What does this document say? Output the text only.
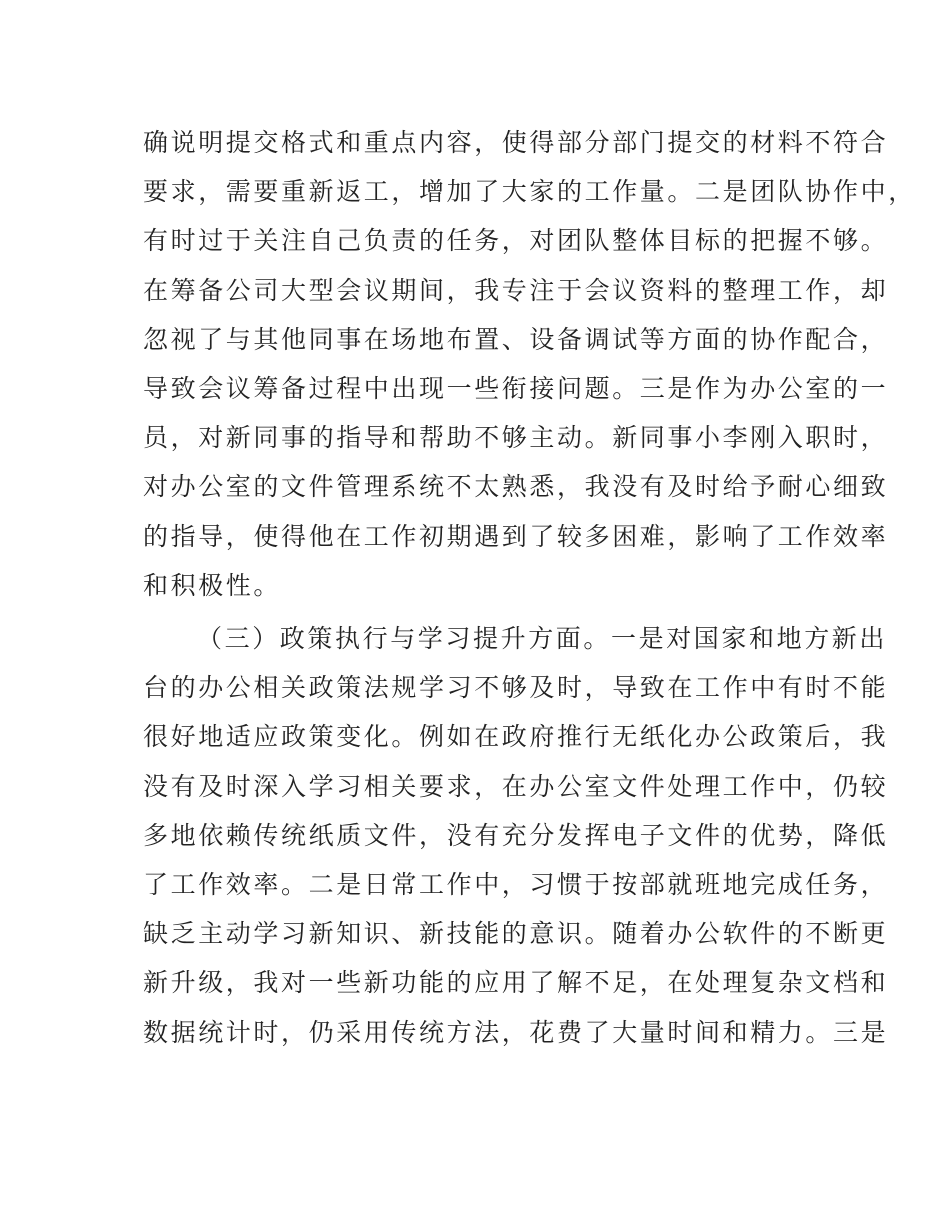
确说明提交格式和重点内容，使得部分部门提交的材料不符合
要求，需要重新返工，增加了大家的工作量。二是团队协作中，
有时过于关注自己负责的任务，对团队整体目标的把握不够。
在筹备公司大型会议期间，我专注于会议资料的整理工作，却
忽视了与其他同事在场地布置、设备调试等方面的协作配合，
导致会议筹备过程中出现一些衔接问题。三是作为办公室的一
员，对新同事的指导和帮助不够主动。新同事小李刚入职时，
对办公室的文件管理系统不太熟悉，我没有及时给予耐心细致
的指导，使得他在工作初期遇到了较多困难，影响了工作效率
和积极性。
（三）政策执行与学习提升方面。一是对国家和地方新出
台的办公相关政策法规学习不够及时，导致在工作中有时不能
很好地适应政策变化。例如在政府推行无纸化办公政策后，我
没有及时深入学习相关要求，在办公室文件处理工作中，仍较
多地依赖传统纸质文件，没有充分发挥电子文件的优势，降低
了工作效率。二是日常工作中，习惯于按部就班地完成任务，
缺乏主动学习新知识、新技能的意识。随着办公软件的不断更
新升级，我对一些新功能的应用了解不足，在处理复杂文档和
数据统计时，仍采用传统方法，花费了大量时间和精力。三是
